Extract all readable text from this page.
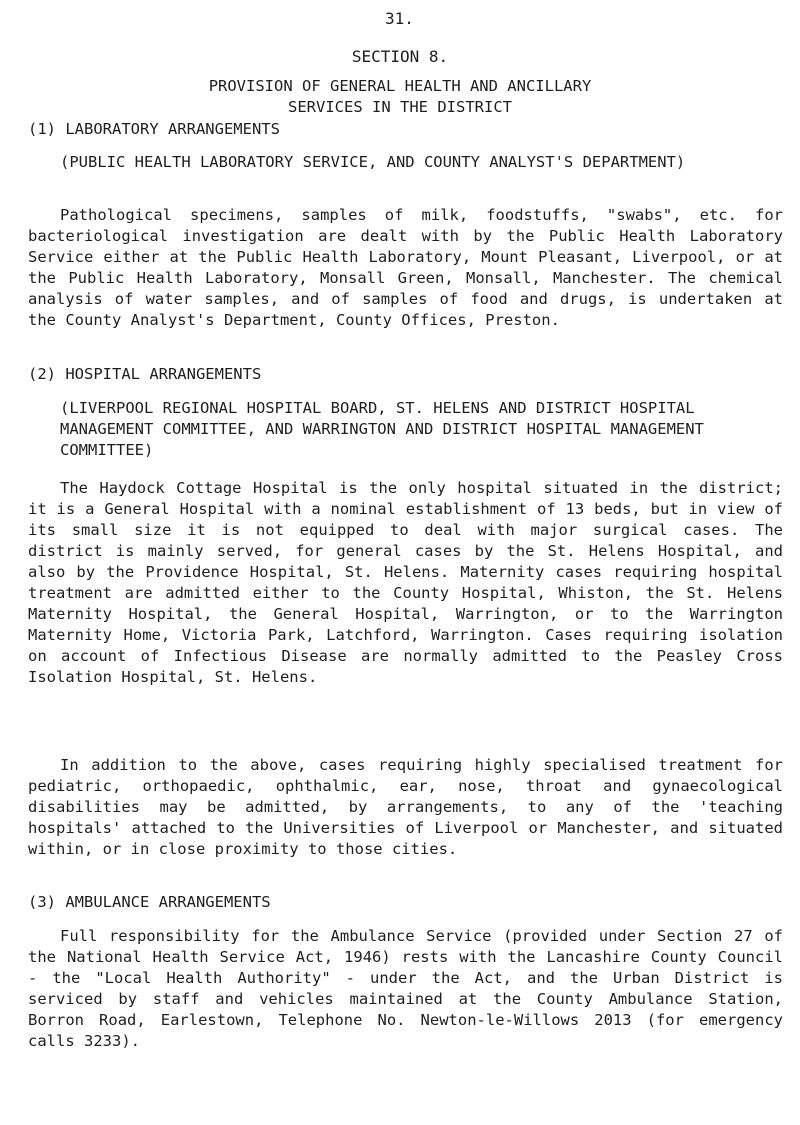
31.
SECTION 8.
PROVISION OF GENERAL HEALTH AND ANCILLARY
SERVICES IN THE DISTRICT
(1) LABORATORY ARRANGEMENTS
(PUBLIC HEALTH LABORATORY SERVICE, AND COUNTY ANALYST'S DEPARTMENT)

Pathological specimens, samples of milk, foodstuffs, "swabs", etc. for bacteriological investigation are dealt with by the Public Health Laboratory Service either at the Public Health Laboratory, Mount Pleasant, Liverpool, or at the Public Health Laboratory, Monsall Green, Monsall, Manchester. The chemical analysis of water samples, and of samples of food and drugs, is undertaken at the County Analyst's Department, County Offices, Preston.

(2) HOSPITAL ARRANGEMENTS
(LIVERPOOL REGIONAL HOSPITAL BOARD, ST. HELENS AND DISTRICT HOSPITAL MANAGEMENT COMMITTEE, AND WARRINGTON AND DISTRICT HOSPITAL MANAGEMENT COMMITTEE)

The Haydock Cottage Hospital is the only hospital situated in the district; it is a General Hospital with a nominal establishment of 13 beds, but in view of its small size it is not equipped to deal with major surgical cases. The district is mainly served, for general cases by the St. Helens Hospital, and also by the Providence Hospital, St. Helens. Maternity cases requiring hospital treatment are admitted either to the County Hospital, Whiston, the St. Helens Maternity Hospital, the General Hospital, Warrington, or to the Warrington Maternity Home, Victoria Park, Latchford, Warrington. Cases requiring isolation on account of Infectious Disease are normally admitted to the Peasley Cross Isolation Hospital, St. Helens.

In addition to the above, cases requiring highly specialised treatment for pediatric, orthopaedic, ophthalmic, ear, nose, throat and gynaecological disabilities may be admitted, by arrangements, to any of the 'teaching hospitals' attached to the Universities of Liverpool or Manchester, and situated within, or in close proximity to those cities.

(3) AMBULANCE ARRANGEMENTS

Full responsibility for the Ambulance Service (provided under Section 27 of the National Health Service Act, 1946) rests with the Lancashire County Council - the "Local Health Authority" - under the Act, and the Urban District is serviced by staff and vehicles maintained at the County Ambulance Station, Borron Road, Earlestown, Telephone No. Newton-le-Willows 2013 (for emergency calls 3233).
